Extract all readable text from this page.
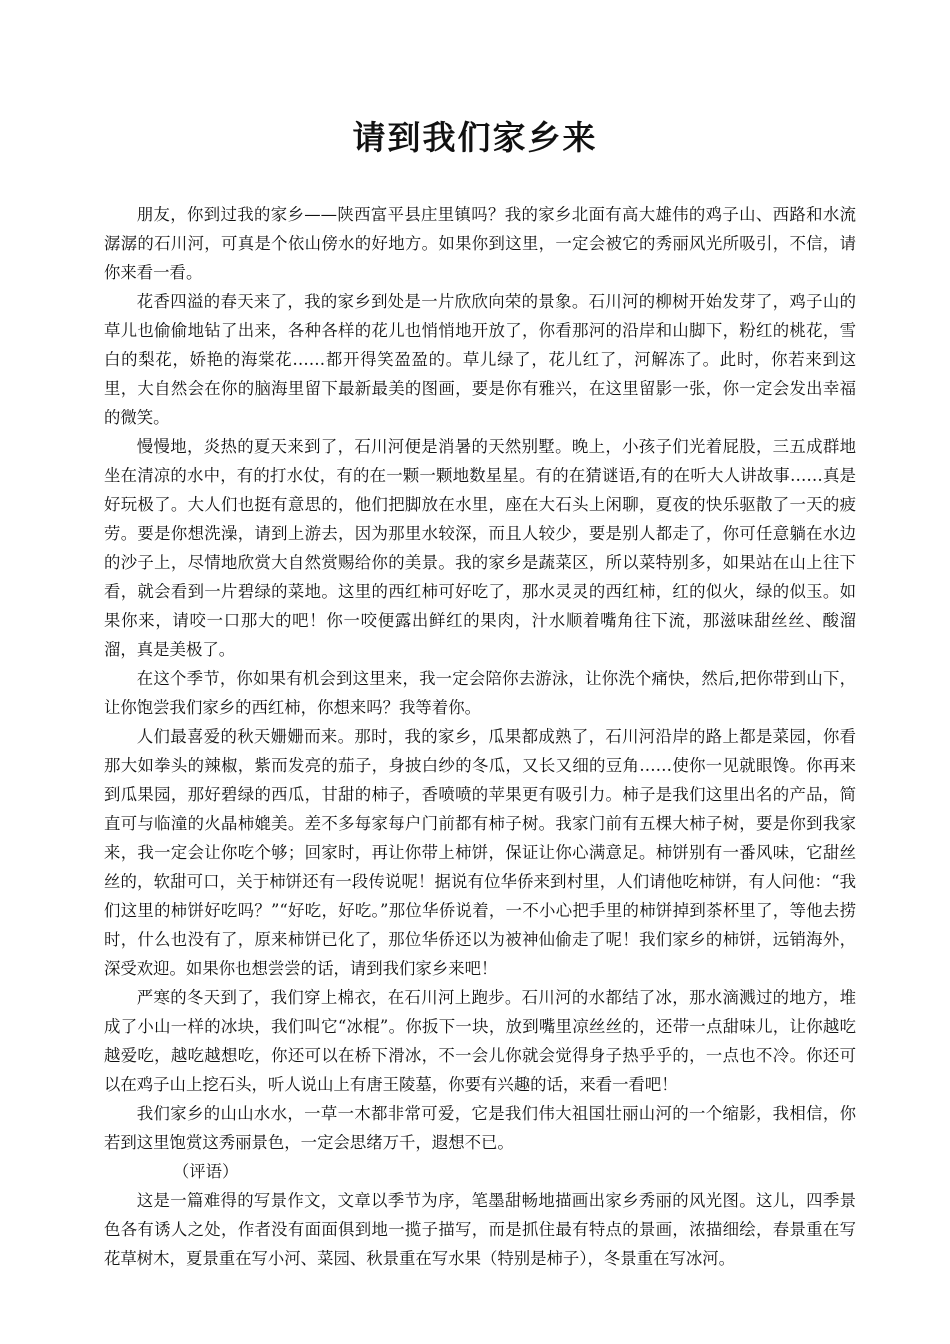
请到我们家乡来

朋友，你到过我的家乡——陕西富平县庄里镇吗？我的家乡北面有高大雄伟的鸡子山、西路和水流潺潺的石川河，可真是个依山傍水的好地方。如果你到这里，一定会被它的秀丽风光所吸引，不信，请你来看一看。

花香四溢的春天来了，我的家乡到处是一片欣欣向荣的景象。石川河的柳树开始发芽了，鸡子山的草儿也偷偷地钻了出来，各种各样的花儿也悄悄地开放了，你看那河的沿岸和山脚下，粉红的桃花，雪白的梨花，娇艳的海棠花……都开得笑盈盈的。草儿绿了，花儿红了，河解冻了。此时，你若来到这里，大自然会在你的脑海里留下最新最美的图画，要是你有雅兴，在这里留影一张，你一定会发出幸福的微笑。

慢慢地，炎热的夏天来到了，石川河便是消暑的天然别墅。晚上，小孩子们光着屁股，三五成群地坐在清凉的水中，有的打水仗，有的在一颗一颗地数星星。有的在猜谜语,有的在听大人讲故事……真是好玩极了。大人们也挺有意思的，他们把脚放在水里，座在大石头上闲聊，夏夜的快乐驱散了一天的疲劳。要是你想洗澡，请到上游去，因为那里水较深，而且人较少，要是别人都走了，你可任意躺在水边的沙子上，尽情地欣赏大自然赏赐给你的美景。我的家乡是蔬菜区，所以菜特别多，如果站在山上往下看，就会看到一片碧绿的菜地。这里的西红柿可好吃了，那水灵灵的西红柿，红的似火，绿的似玉。如果你来，请咬一口那大的吧！你一咬便露出鲜红的果肉，汁水顺着嘴角往下流，那滋味甜丝丝、酸溜溜，真是美极了。

在这个季节，你如果有机会到这里来，我一定会陪你去游泳，让你洗个痛快，然后,把你带到山下，让你饱尝我们家乡的西红柿，你想来吗？我等着你。

人们最喜爱的秋天姗姗而来。那时，我的家乡，瓜果都成熟了，石川河沿岸的路上都是菜园，你看那大如拳头的辣椒，紫而发亮的茄子，身披白纱的冬瓜，又长又细的豆角……使你一见就眼馋。你再来到瓜果园，那好碧绿的西瓜，甘甜的柿子，香喷喷的苹果更有吸引力。柿子是我们这里出名的产品，简直可与临潼的火晶柿媲美。差不多每家每户门前都有柿子树。我家门前有五棵大柿子树，要是你到我家来，我一定会让你吃个够；回家时，再让你带上柿饼，保证让你心满意足。柿饼别有一番风味，它甜丝丝的，软甜可口，关于柿饼还有一段传说呢！据说有位华侨来到村里，人们请他吃柿饼，有人问他：“我们这里的柿饼好吃吗？”“好吃，好吃。”那位华侨说着，一不小心把手里的柿饼掉到茶杯里了，等他去捞时，什么也没有了，原来柿饼已化了，那位华侨还以为被神仙偷走了呢！我们家乡的柿饼，远销海外，深受欢迎。如果你也想尝尝的话，请到我们家乡来吧！

严寒的冬天到了，我们穿上棉衣，在石川河上跑步。石川河的水都结了冰，那水滴溅过的地方，堆成了小山一样的冰块，我们叫它“冰棍”。你扳下一块，放到嘴里凉丝丝的，还带一点甜味儿，让你越吃越爱吃，越吃越想吃，你还可以在桥下滑冰，不一会儿你就会觉得身子热乎乎的，一点也不冷。你还可以在鸡子山上挖石头，听人说山上有唐王陵墓，你要有兴趣的话，来看一看吧！

我们家乡的山山水水，一草一木都非常可爱，它是我们伟大祖国壮丽山河的一个缩影，我相信，你若到这里饱赏这秀丽景色，一定会思绪万千，遐想不已。

（评语）

这是一篇难得的写景作文，文章以季节为序，笔墨甜畅地描画出家乡秀丽的风光图。这儿，四季景色各有诱人之处，作者没有面面俱到地一揽子描写，而是抓住最有特点的景画，浓描细绘，春景重在写花草树木，夏景重在写小河、菜园、秋景重在写水果（特别是柿子），冬景重在写冰河。
